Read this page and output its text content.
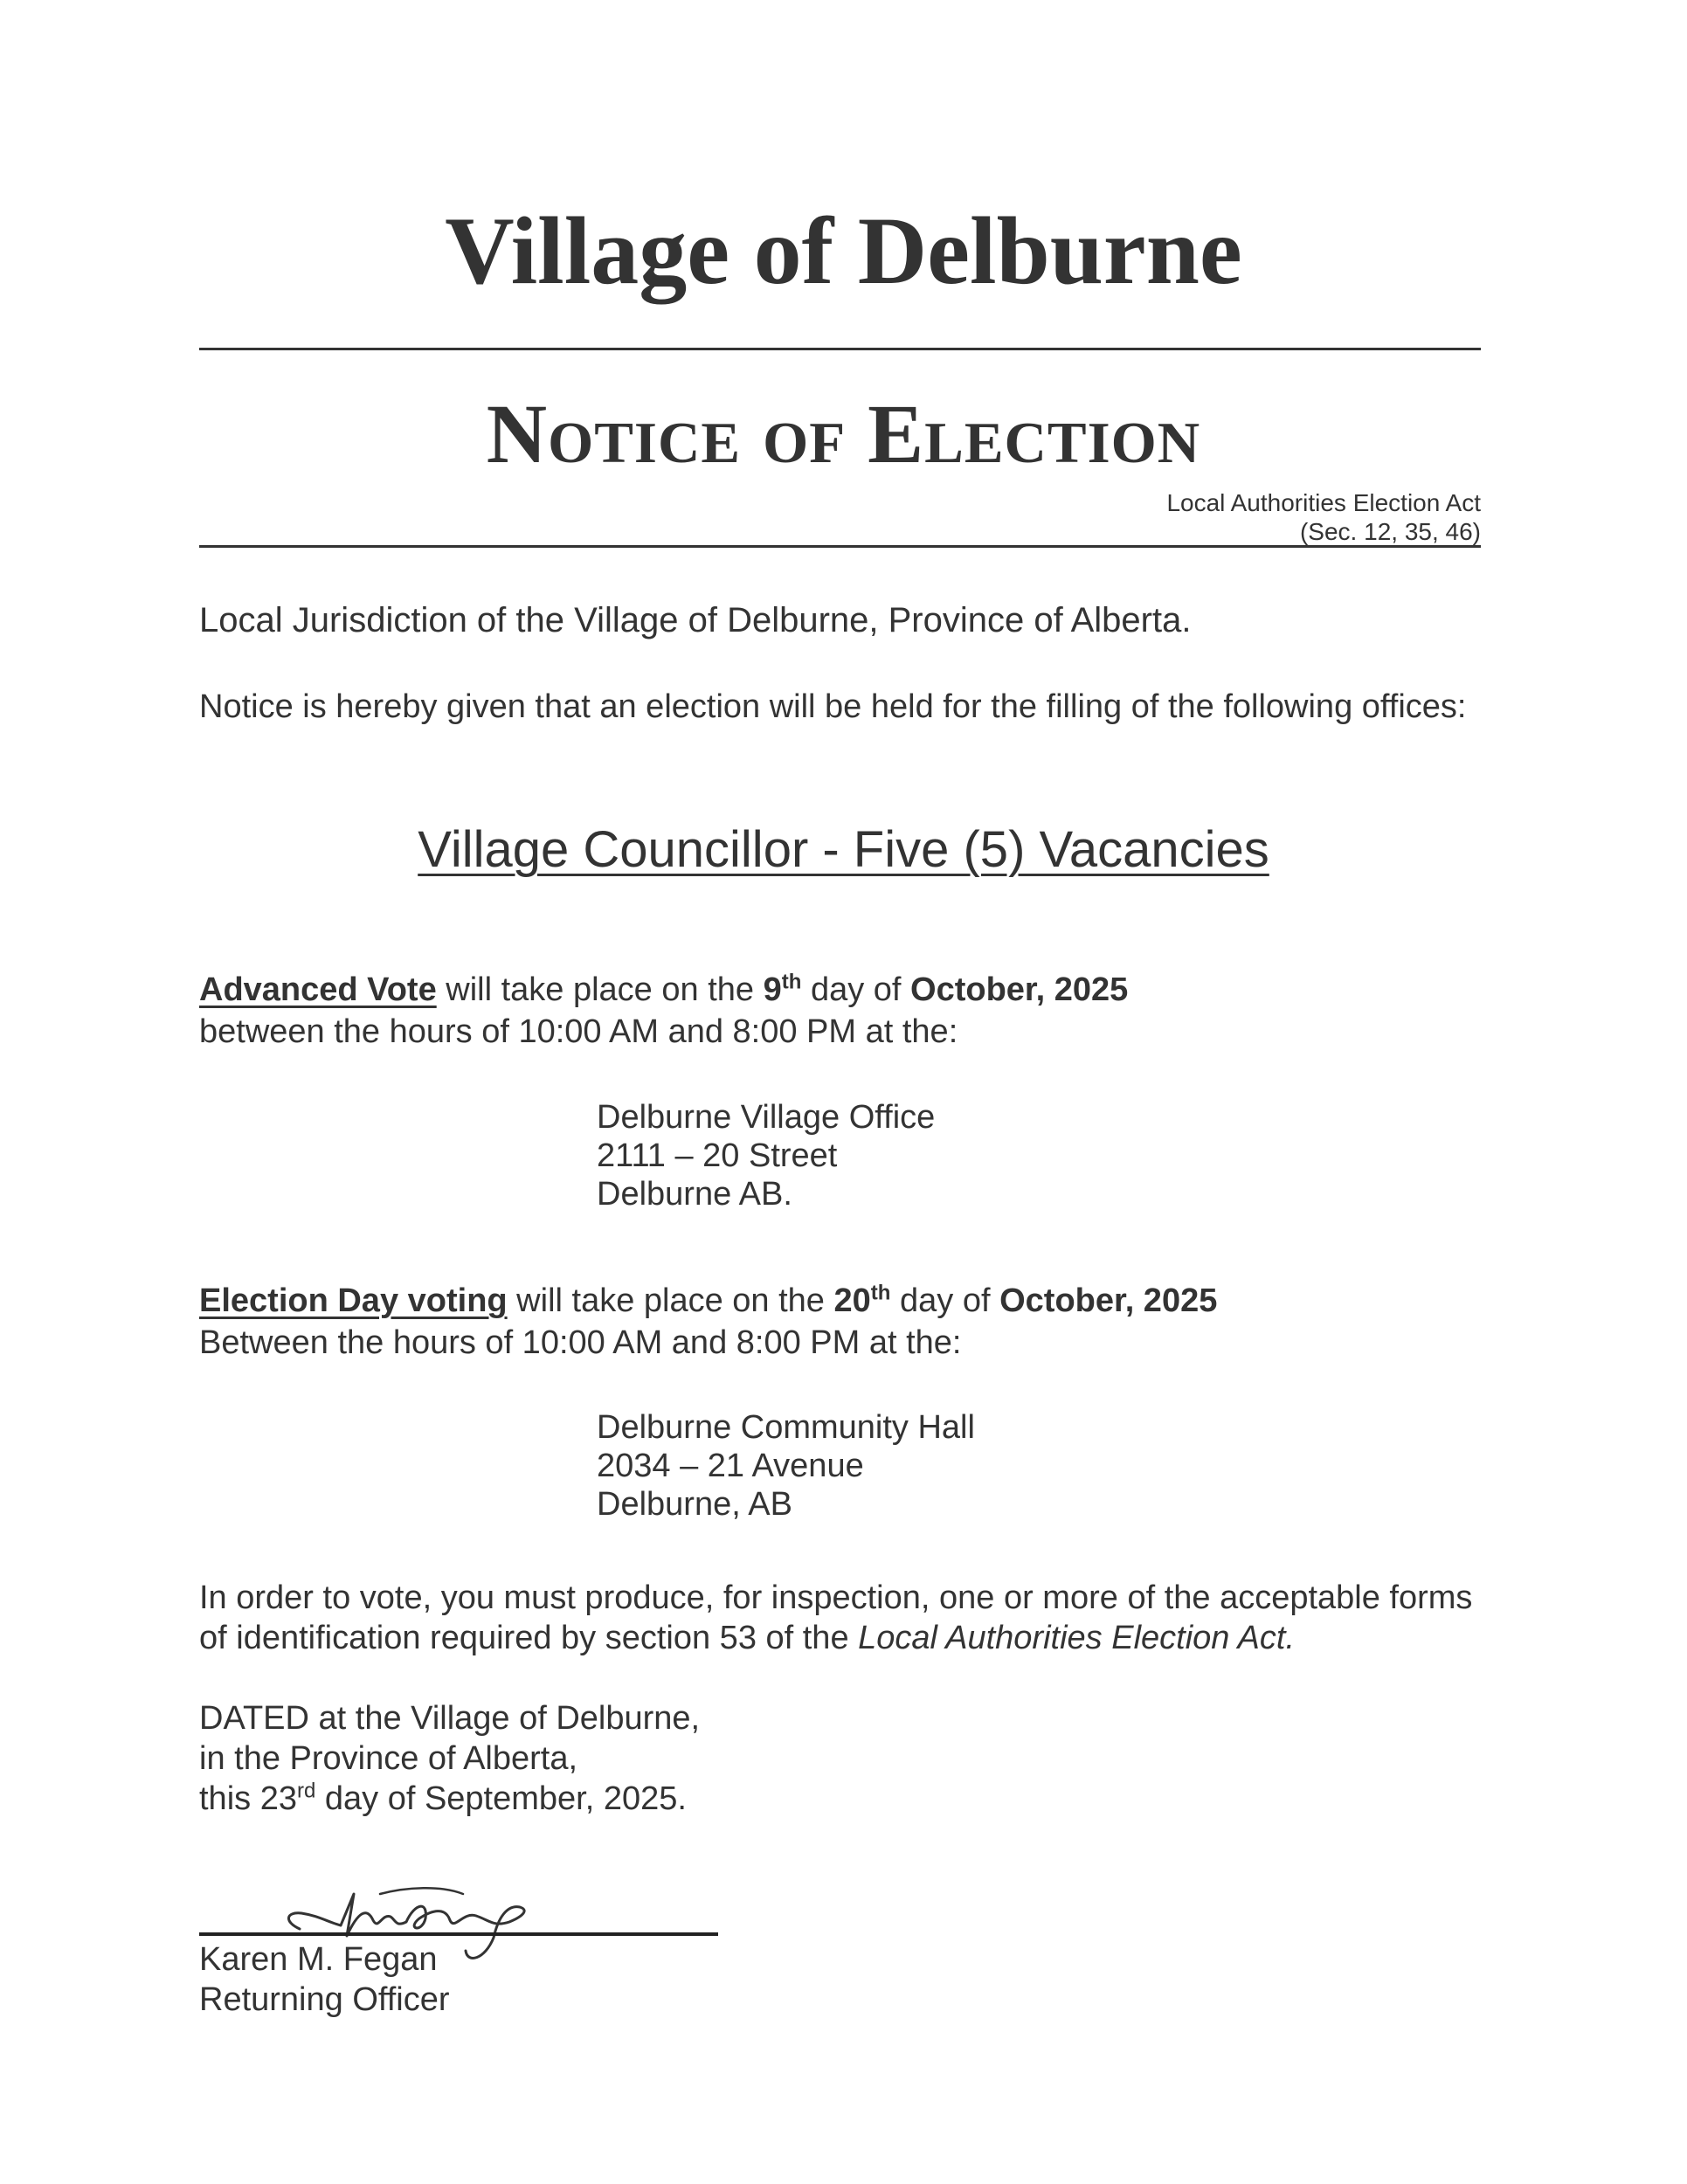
Village of Delburne
Notice of Election
Local Authorities Election Act
(Sec. 12, 35, 46)

Local Jurisdiction of the Village of Delburne, Province of Alberta.

Notice is hereby given that an election will be held for the filling of the following offices:

Village Councillor - Five (5) Vacancies

Advanced Vote will take place on the 9th day of October, 2025

between the hours of 10:00 AM and 8:00 PM at the:

Delburne Village Office
2111 – 20 Street
Delburne AB.

Election Day voting will take place on the 20th day of October, 2025

Between the hours of 10:00 AM and 8:00 PM at the:

Delburne Community Hall
2034 – 21 Avenue
Delburne, AB

In order to vote, you must produce, for inspection, one or more of the acceptable forms of identification required by section 53 of the Local Authorities Election Act.

DATED at the Village of Delburne,
in the Province of Alberta,
this 23rd day of September, 2025.
Karen M. Fegan
Returning Officer
